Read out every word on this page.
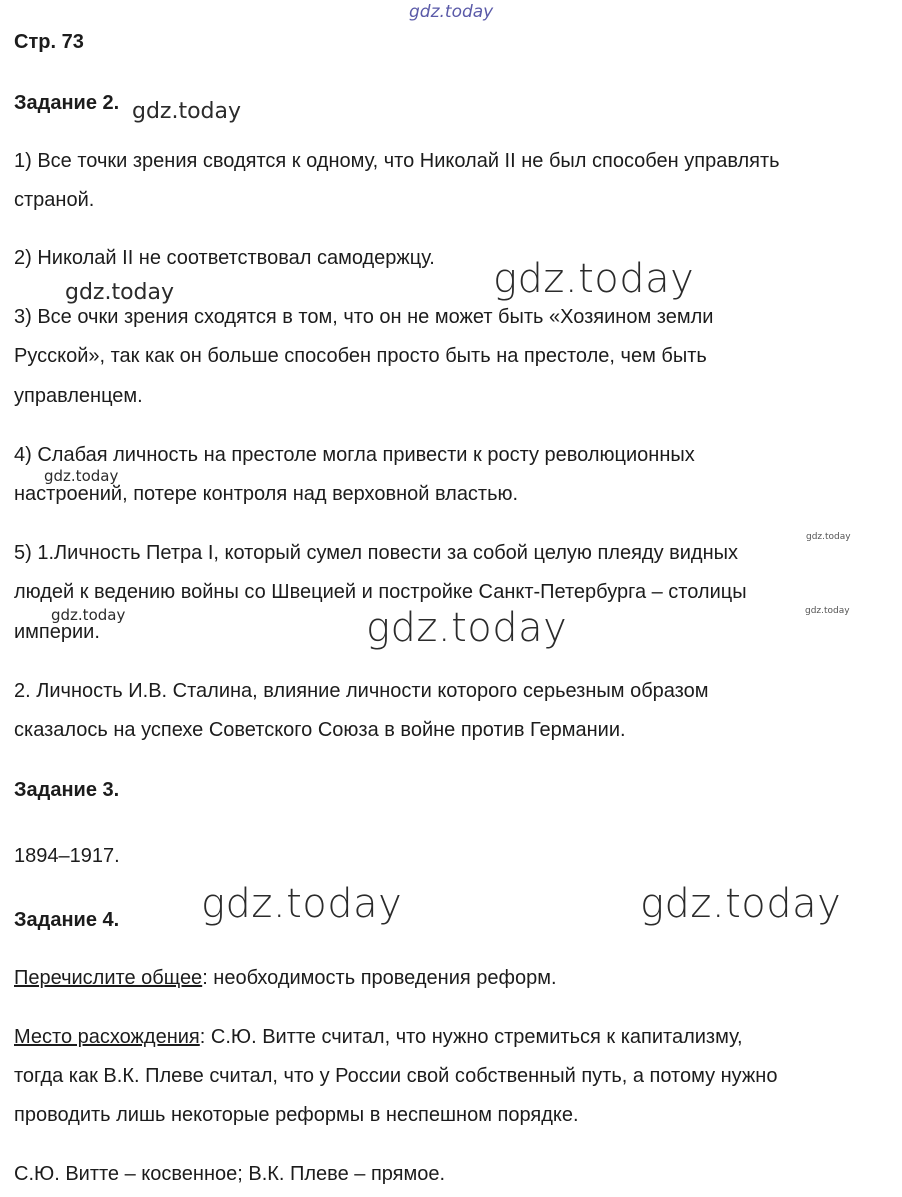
Стр. 73
Задание 2.
1) Все точки зрения сводятся к одному, что Николай II не был способен управлять
страной.
2) Николай II не соответствовал самодержцу.
3) Все очки зрения сходятся в том, что он не может быть «Хозяином земли
Русской», так как он больше способен просто быть на престоле, чем быть
управленцем.
4) Слабая личность на престоле могла привести к росту революционных
настроений, потере контроля над верховной властью.
5) 1.Личность Петра I, который сумел повести за собой целую плеяду видных
людей к ведению войны со Швецией и постройке Санкт-Петербурга – столицы
империи.
2. Личность И.В. Сталина, влияние личности которого серьезным образом
сказалось на успехе Советского Союза в войне против Германии.
Задание 3.
1894–1917.
Задание 4.
Перечислите общее: необходимость проведения реформ.
Место расхождения: С.Ю. Витте считал, что нужно стремиться к капитализму,
тогда как В.К. Плеве считал, что у России свой собственный путь, а потому нужно
проводить лишь некоторые реформы в неспешном порядке.
С.Ю. Витте – косвенное; В.К. Плеве – прямое.
gdz.today
gdz.today
gdz.today
gdz.today
gdz.today
gdz.today
gdz.today	gdz.today
gdz.today
gdz.today	gdz.today
